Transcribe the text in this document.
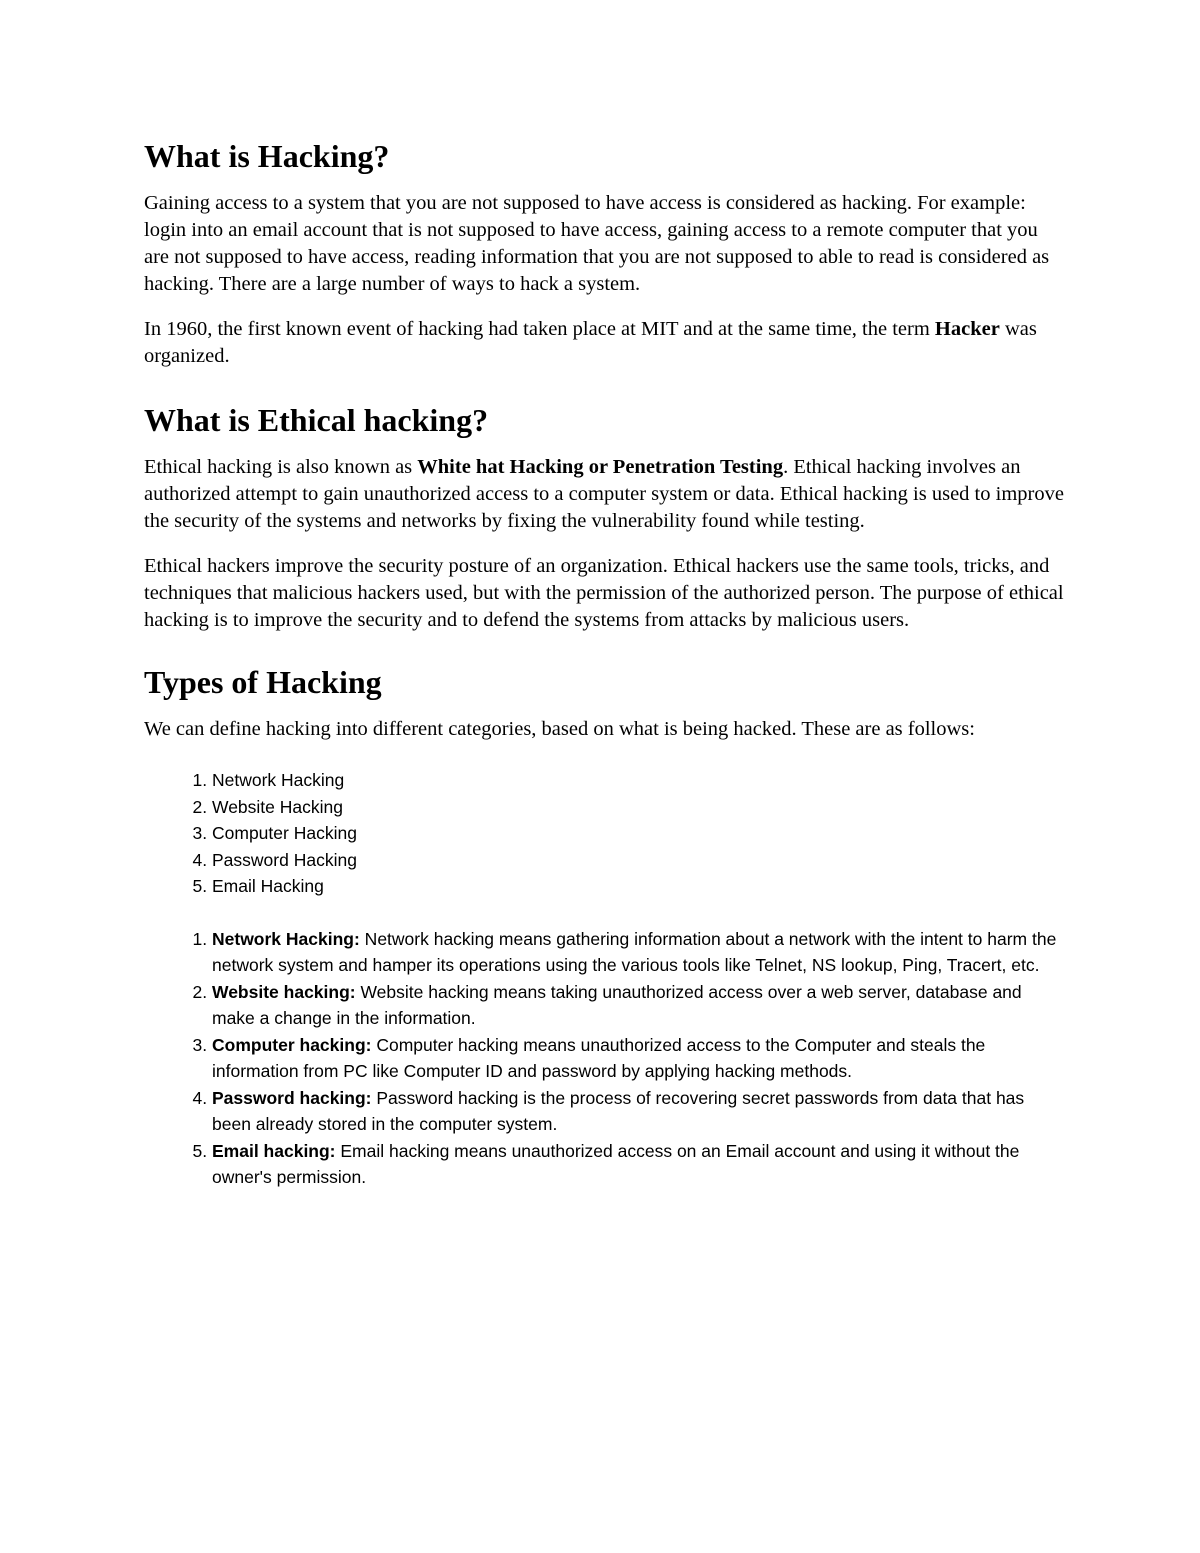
What is Hacking?

Gaining access to a system that you are not supposed to have access is considered as hacking. For example: login into an email account that is not supposed to have access, gaining access to a remote computer that you are not supposed to have access, reading information that you are not supposed to able to read is considered as hacking. There are a large number of ways to hack a system.

In 1960, the first known event of hacking had taken place at MIT and at the same time, the term Hacker was organized.

What is Ethical hacking?

Ethical hacking is also known as White hat Hacking or Penetration Testing. Ethical hacking involves an authorized attempt to gain unauthorized access to a computer system or data. Ethical hacking is used to improve the security of the systems and networks by fixing the vulnerability found while testing.

Ethical hackers improve the security posture of an organization. Ethical hackers use the same tools, tricks, and techniques that malicious hackers used, but with the permission of the authorized person. The purpose of ethical hacking is to improve the security and to defend the systems from attacks by malicious users.

Types of Hacking

We can define hacking into different categories, based on what is being hacked. These are as follows:

1. Network Hacking
2. Website Hacking
3. Computer Hacking
4. Password Hacking
5. Email Hacking
1. Network Hacking: Network hacking means gathering information about a network with the intent to harm the network system and hamper its operations using the various tools like Telnet, NS lookup, Ping, Tracert, etc.
2. Website hacking: Website hacking means taking unauthorized access over a web server, database and make a change in the information.
3. Computer hacking: Computer hacking means unauthorized access to the Computer and steals the information from PC like Computer ID and password by applying hacking methods.
4. Password hacking: Password hacking is the process of recovering secret passwords from data that has been already stored in the computer system.
5. Email hacking: Email hacking means unauthorized access on an Email account and using it without the owner's permission.
